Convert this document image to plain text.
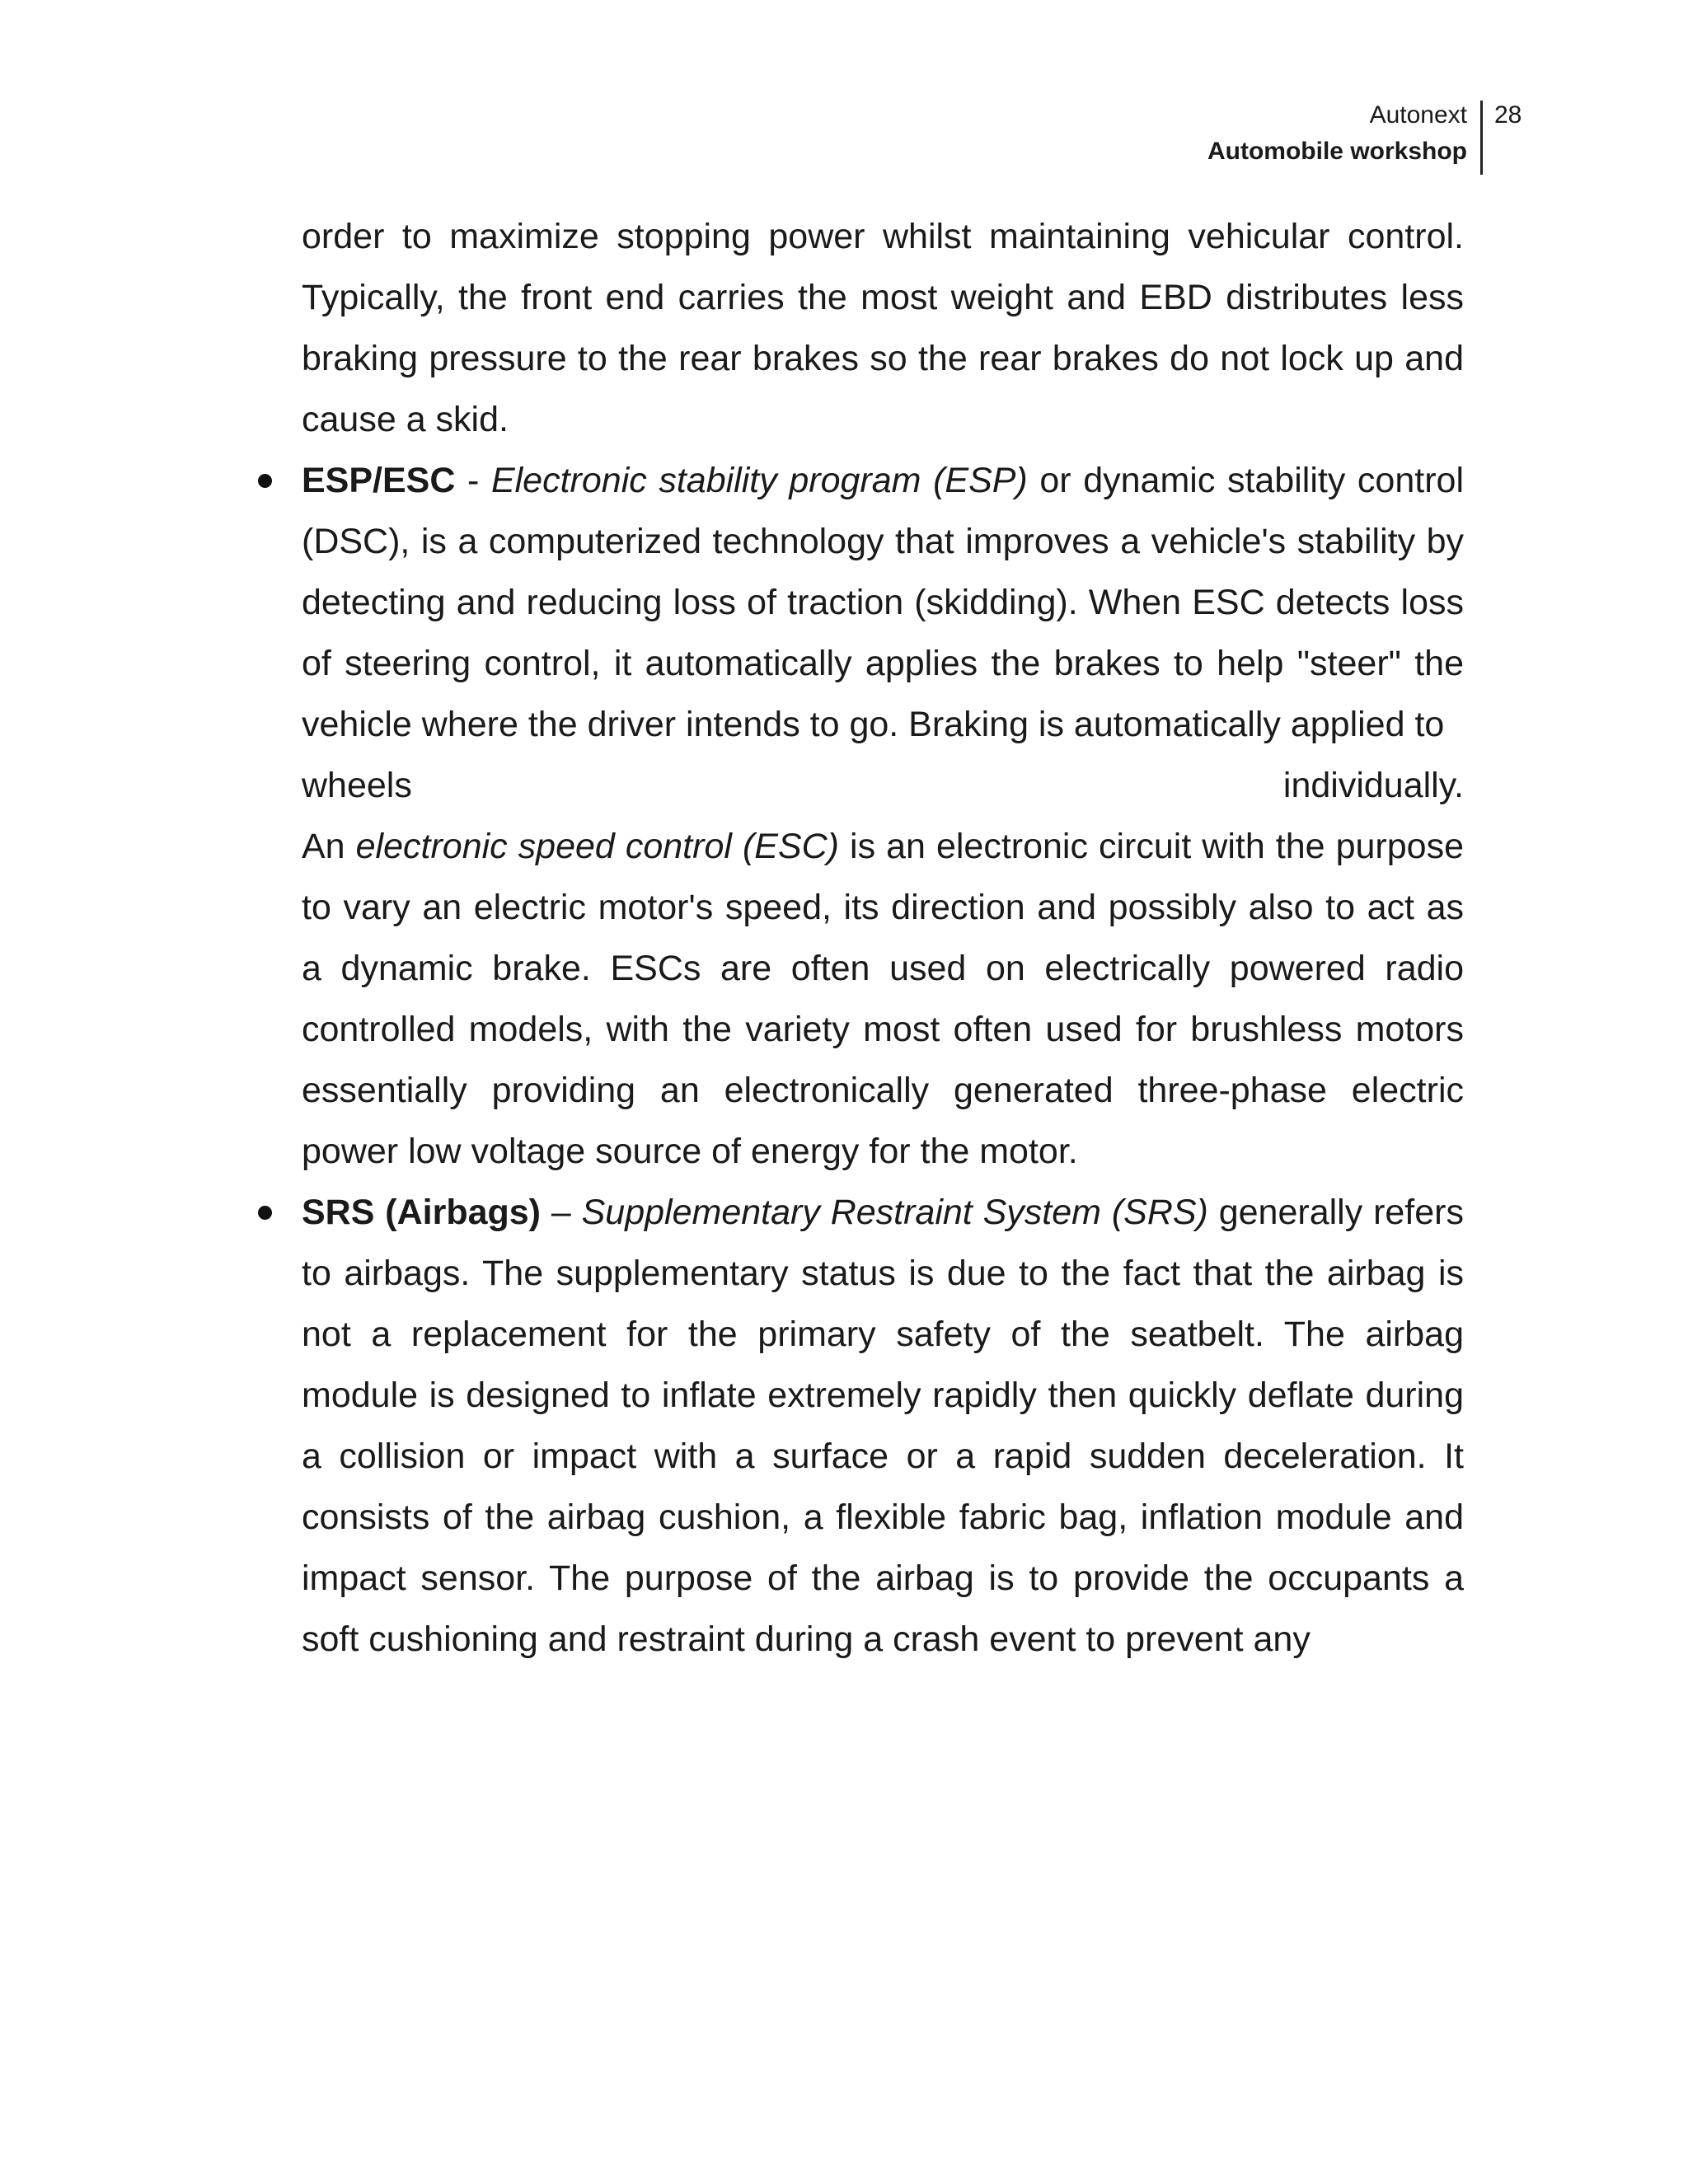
Autonext
Automobile workshop
28

order to maximize stopping power whilst maintaining vehicular control. Typically, the front end carries the most weight and EBD distributes less braking pressure to the rear brakes so the rear brakes do not lock up and cause a skid.

ESP/ESC - Electronic stability program (ESP) or dynamic stability control (DSC), is a computerized technology that improves a vehicle's stability by detecting and reducing loss of traction (skidding). When ESC detects loss of steering control, it automatically applies the brakes to help "steer" the vehicle where the driver intends to go. Braking is automatically applied to

wheels	individually.

An electronic speed control (ESC) is an electronic circuit with the purpose to vary an electric motor's speed, its direction and possibly also to act as a dynamic brake. ESCs are often used on electrically powered radio controlled models, with the variety most often used for brushless motors essentially providing an electronically generated three-phase electric power low voltage source of energy for the motor.

SRS (Airbags) – Supplementary Restraint System (SRS) generally refers to airbags. The supplementary status is due to the fact that the airbag is not a replacement for the primary safety of the seatbelt. The airbag module is designed to inflate extremely rapidly then quickly deflate during a collision or impact with a surface or a rapid sudden deceleration. It consists of the airbag cushion, a flexible fabric bag, inflation module and impact sensor. The purpose of the airbag is to provide the occupants a soft cushioning and restraint during a crash event to prevent any
